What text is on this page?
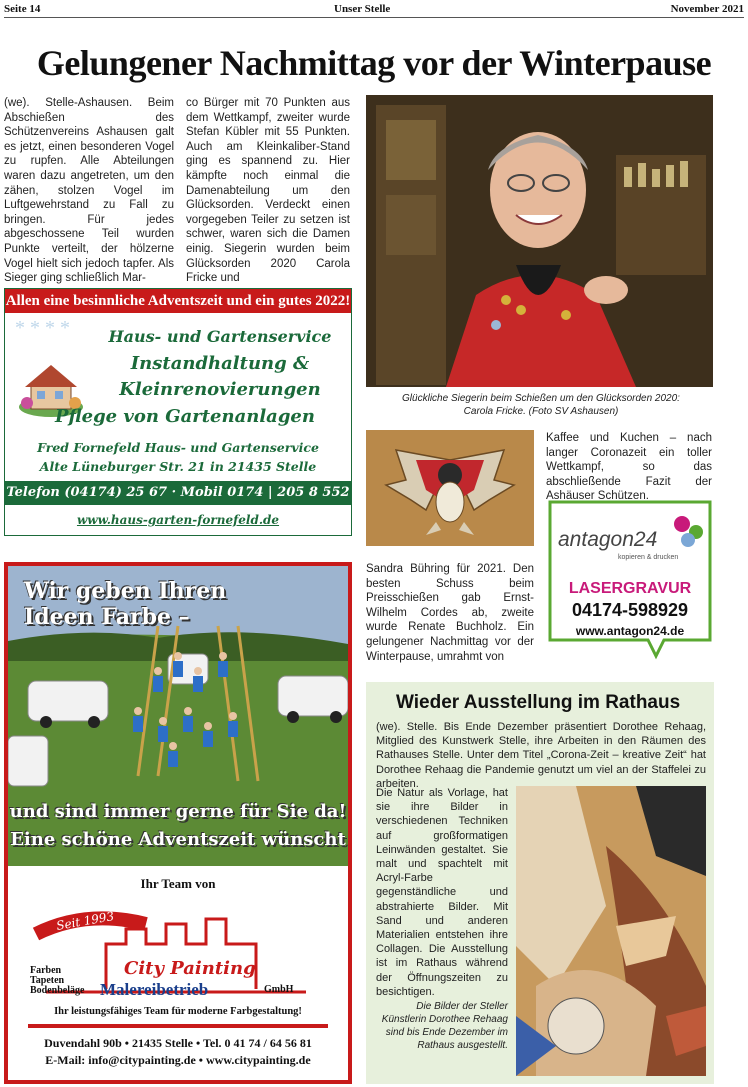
Seite 14	Unser Stelle	November 2021
Gelungener Nachmittag vor der Winterpause
(we). Stelle-Ashausen. Beim Abschießen des Schützenvereins Ashausen galt es jetzt, einen besonderen Vogel zu rupfen. Alle Abteilungen waren dazu angetreten, um den zähen, stolzen Vogel im Luftgewehrstand zu Fall zu bringen. Für jedes abgeschossene Teil wurden Punkte verteilt, der hölzerne Vogel hielt sich jedoch tapfer. Als Sieger ging schließlich Mar-
co Bürger mit 70 Punkten aus dem Wettkampf, zweiter wurde Stefan Kübler mit 55 Punkten. Auch am Kleinkaliber-Stand ging es spannend zu. Hier kämpfte noch einmal die Damenabteilung um den Glücksorden. Verdeckt einen vorgegeben Teiler zu setzen ist schwer, waren sich die Damen einig. Siegerin wurden beim Glücksorden 2020 Carola Fricke und
Glückliche Siegerin beim Schießen um den Glücksorden 2020: Carola Fricke. (Foto SV Ashausen)
Kaffee und Kuchen – nach langer Coronazeit ein toller Wettkampf, so das abschließende Fazit der Ashäuser Schützen.
Sandra Bühring für 2021. Den besten Schuss beim Preisschießen gab Ernst-Wilhelm Cordes ab, zweite wurde Renate Buchholz. Ein gelungener Nachmittag vor der Winterpause, umrahmt von
Allen eine besinnliche Adventszeit und ein gutes 2022!
* * * *	Haus- und Gartenservice
Instandhaltung &
Kleinrenovierungen
Pflege von Gartenanlagen
Fred Fornefeld Haus- und Gartenservice
Alte Lüneburger Str. 21 in 21435 Stelle
Telefon (04174) 25 67 · Mobil 0174 | 205 8 552
www.haus-garten-fornefeld.de
Wir geben Ihren
Ideen Farbe –
und sind immer gerne für Sie da!
Eine schöne Adventszeit wünscht
Ihr Team von
Seit 1993
City Painting
Farben
Tapeten
Bodenbeläge Malereibetrieb	GmbH
Ihr leistungsfähiges Team für moderne Farbgestaltung!
Duvendahl 90b • 21435 Stelle • Tel. 0 41 74 / 64 56 81
E-Mail: info@citypainting.de • www.citypainting.de
antagon24
kopieren & drucken
LASERGRAVUR
04174-598929
www.antagon24.de
Wieder Ausstellung im Rathaus
(we). Stelle. Bis Ende Dezember präsentiert Dorothee Rehaag, Mitglied des Kunstwerk Stelle, ihre Arbeiten in den Räumen des Rathauses Stelle. Unter dem Titel „Corona-Zeit – kreative Zeit“ hat Dorothee Rehaag die Pandemie genutzt um viel an der Staffelei zu arbeiten.
Die Natur als Vorlage, hat sie ihre Bilder in verschiedenen Techniken auf großformatigen Leinwänden gestaltet. Sie malt und spachtelt mit Acryl-Farbe gegenständliche und abstrahierte Bilder. Mit Sand und anderen Materialien entstehen ihre Collagen. Die Ausstellung ist im Rathaus während der Öffnungszeiten zu besichtigen.
Die Bilder der Steller Künstlerin Dorothee Rehaag sind bis Ende Dezember im Rathaus ausgestellt.
